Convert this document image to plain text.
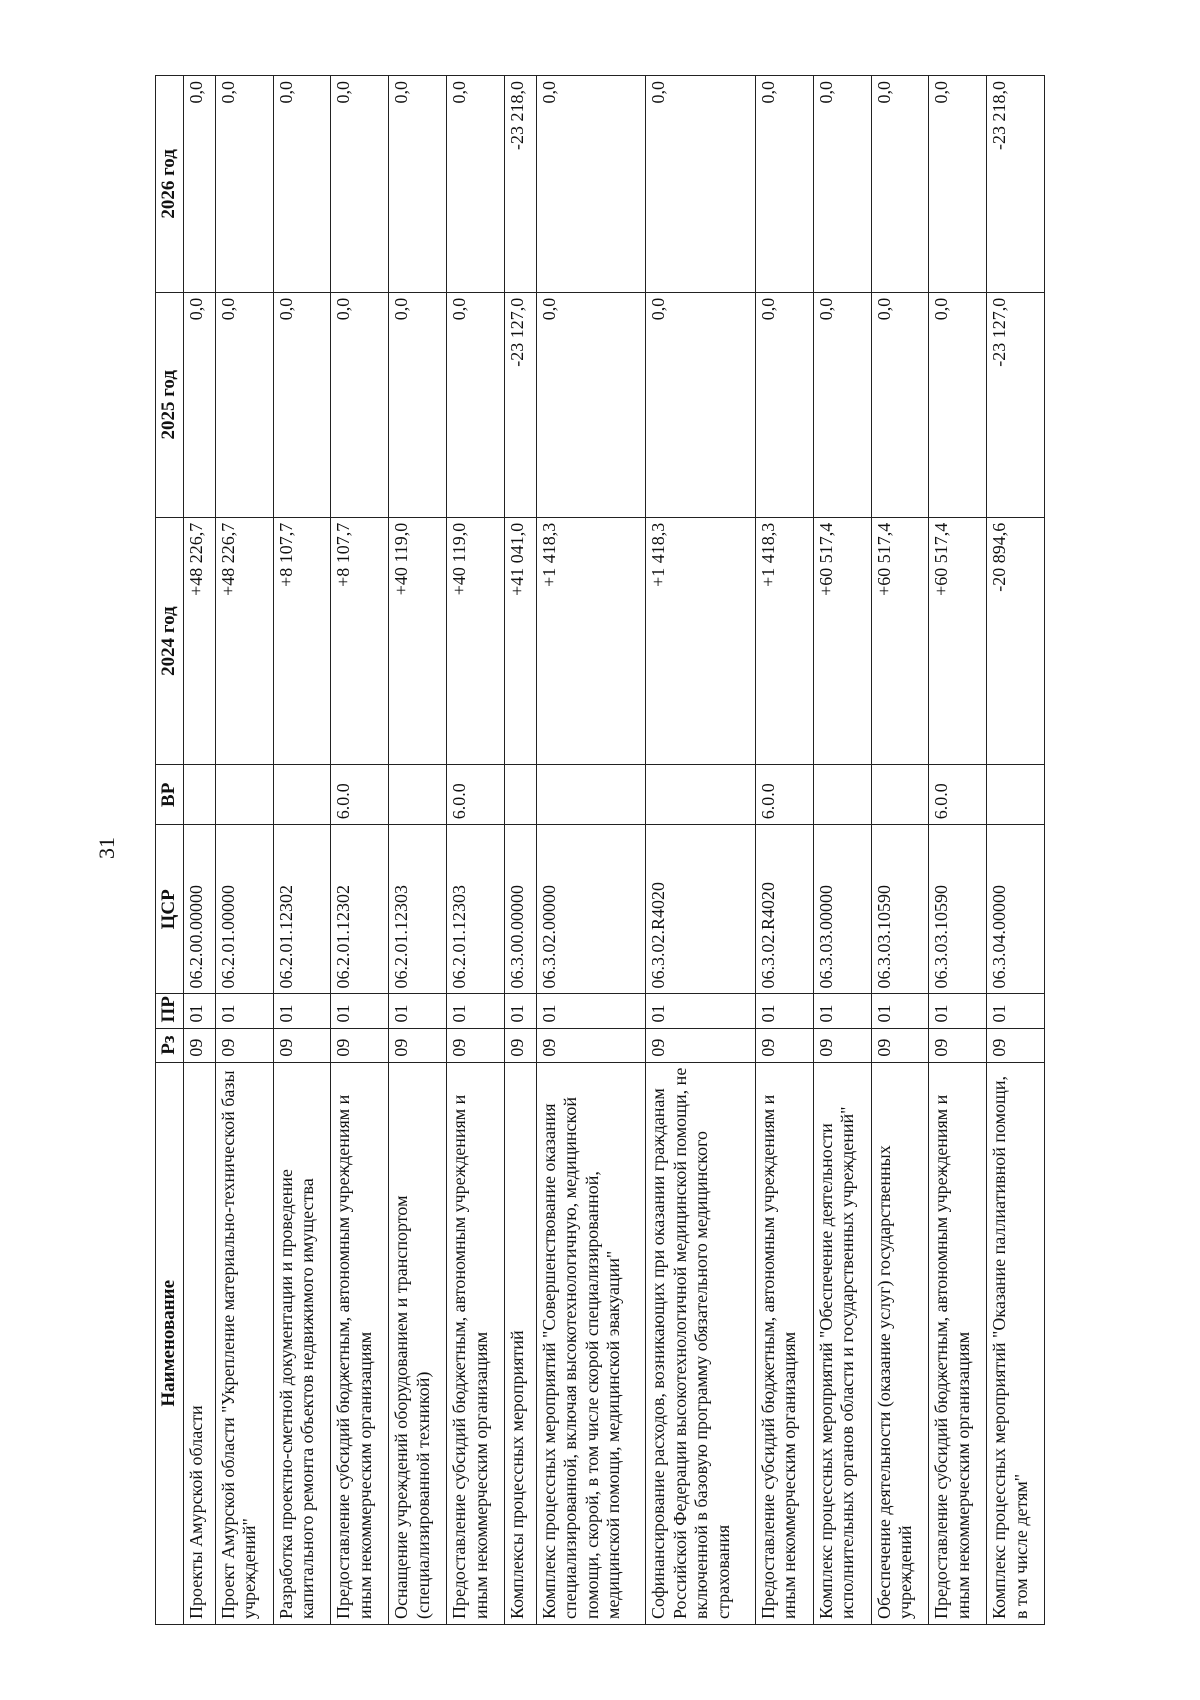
31
Наименование	Рз	ПР	ЦСР	ВР	2024 год	2025 год	2026 год
Проекты Амурской области	09	01	06.2.00.00000		+48 226,7	0,0	0,0
Проект Амурской области "Укрепление материально-технической базы учреждений"	09	01	06.2.01.00000		+48 226,7	0,0	0,0
Разработка проектно-сметной документации и проведение капитального ремонта объектов недвижимого имущества	09	01	06.2.01.12302		+8 107,7	0,0	0,0
Предоставление субсидий бюджетным, автономным учреждениям и иным некоммерческим организациям	09	01	06.2.01.12302	6.0.0	+8 107,7	0,0	0,0
Оснащение учреждений оборудованием и транспортом (специализированной техникой)	09	01	06.2.01.12303		+40 119,0	0,0	0,0
Предоставление субсидий бюджетным, автономным учреждениям и иным некоммерческим организациям	09	01	06.2.01.12303	6.0.0	+40 119,0	0,0	0,0
Комплексы процессных мероприятий	09	01	06.3.00.00000		+41 041,0	-23 127,0	-23 218,0
Комплекс процессных мероприятий "Совершенствование оказания специализированной, включая высокотехнологичную, медицинской помощи, скорой, в том числе скорой специализированной, медицинской помощи, медицинской эвакуации"	09	01	06.3.02.00000		+1 418,3	0,0	0,0
Софинансирование расходов, возникающих при оказании гражданам Российской Федерации высокотехнологичной медицинской помощи, не включенной в базовую программу обязательного медицинского страхования	09	01	06.3.02.R4020		+1 418,3	0,0	0,0
Предоставление субсидий бюджетным, автономным учреждениям и иным некоммерческим организациям	09	01	06.3.02.R4020	6.0.0	+1 418,3	0,0	0,0
Комплекс процессных мероприятий "Обеспечение деятельности исполнительных органов области и государственных учреждений"	09	01	06.3.03.00000		+60 517,4	0,0	0,0
Обеспечение деятельности (оказание услуг) государственных учреждений	09	01	06.3.03.10590		+60 517,4	0,0	0,0
Предоставление субсидий бюджетным, автономным учреждениям и иным некоммерческим организациям	09	01	06.3.03.10590	6.0.0	+60 517,4	0,0	0,0
Комплекс процессных мероприятий "Оказание паллиативной помощи, в том числе детям"	09	01	06.3.04.00000		-20 894,6	-23 127,0	-23 218,0
